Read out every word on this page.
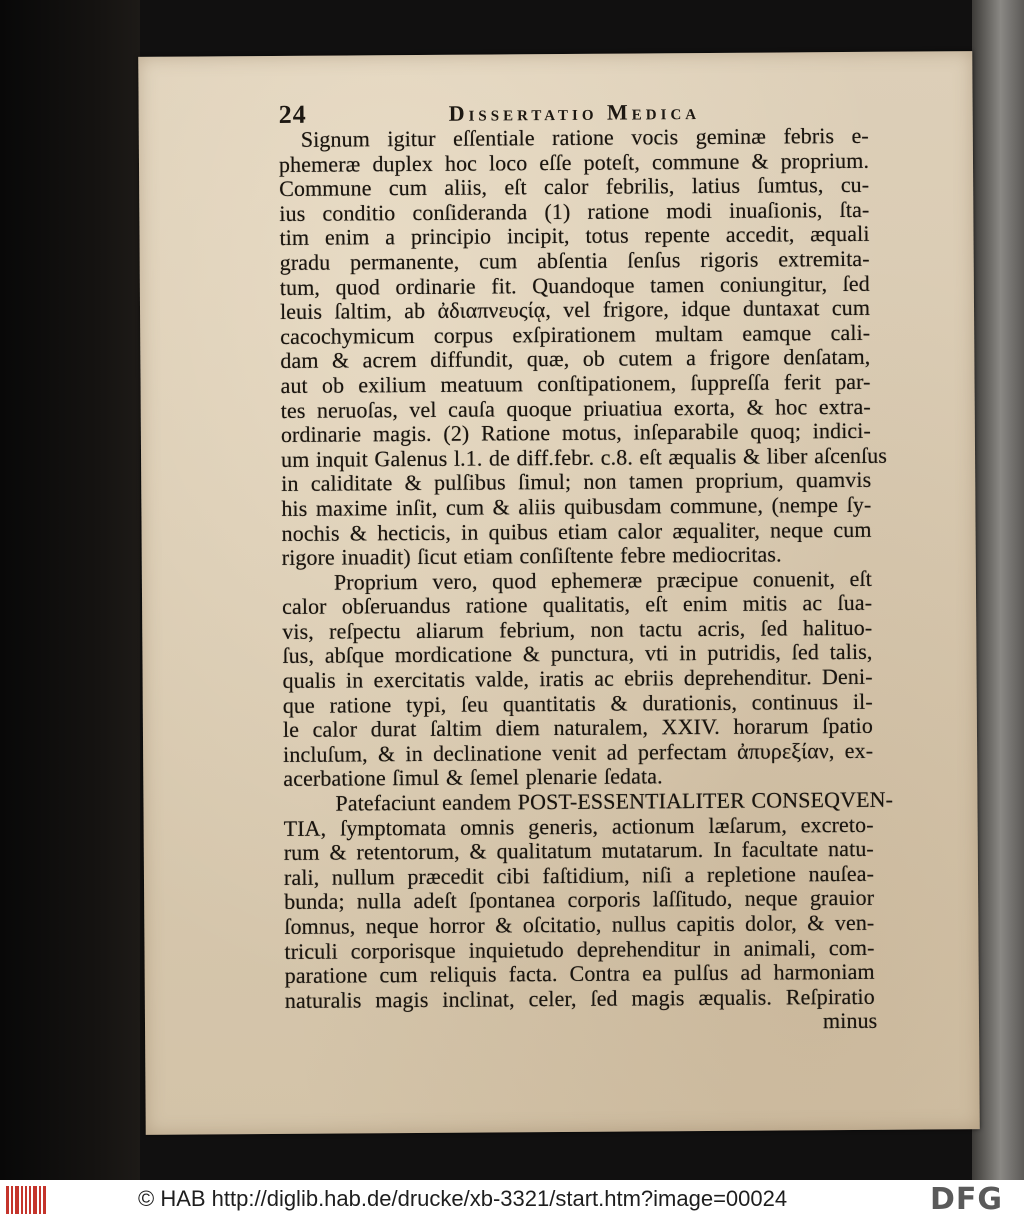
24	Dissertatio Medica
Signum igitur eſſentiale ratione vocis geminæ febris e-
phemeræ duplex hoc loco eſſe poteſt, commune & proprium.
Commune cum aliis, eſt calor febrilis, latius ſumtus, cu-
ius conditio conſideranda (1) ratione modi inuaſionis, ſta-
tim enim a principio incipit, totus repente accedit, æquali
gradu permanente, cum abſentia ſenſus rigoris extremita-
tum, quod ordinarie fit. Quandoque tamen coniungitur, ſed
leuis ſaltim, ab ἀδιαπνευςίᾳ, vel frigore, idque duntaxat cum
cacochymicum corpus exſpirationem multam eamque cali-
dam & acrem diffundit, quæ, ob cutem a frigore denſatam,
aut ob exilium meatuum conſtipationem, ſuppreſſa ferit par-
tes neruoſas, vel cauſa quoque priuatiua exorta, & hoc extra-
ordinarie magis. (2) Ratione motus, inſeparabile quoq; indici-
um inquit Galenus l.1. de diff.febr. c.8. eſt æqualis & liber aſcenſus
in caliditate & pulſibus ſimul; non tamen proprium, quamvis
his maxime inſit, cum & aliis quibusdam commune, (nempe ſy-
nochis & hecticis, in quibus etiam calor æqualiter, neque cum
rigore inuadit) ſicut etiam conſiſtente febre mediocritas.
Proprium vero, quod ephemeræ præcipue conuenit, eſt
calor obſeruandus ratione qualitatis, eſt enim mitis ac ſua-
vis, reſpectu aliarum febrium, non tactu acris, ſed halituo-
ſus, abſque mordicatione & punctura, vti in putridis, ſed talis,
qualis in exercitatis valde, iratis ac ebriis deprehenditur. Deni-
que ratione typi, ſeu quantitatis & durationis, continuus il-
le calor durat ſaltim diem naturalem, XXIV. horarum ſpatio
incluſum, & in declinatione venit ad perfectam ἀπυρεξίαν, ex-
acerbatione ſimul & ſemel plenarie ſedata.
Patefaciunt eandem POST-ESSENTIALITER CONSEQVEN-
TIA, ſymptomata omnis generis, actionum læſarum, excreto-
rum & retentorum, & qualitatum mutatarum. In facultate natu-
rali, nullum præcedit cibi faſtidium, niſi a repletione nauſea-
bunda; nulla adeſt ſpontanea corporis laſſitudo, neque grauior
ſomnus, neque horror & oſcitatio, nullus capitis dolor, & ven-
triculi corporisque inquietudo deprehenditur in animali, com-
paratione cum reliquis facta. Contra ea pulſus ad harmoniam
naturalis magis inclinat, celer, ſed magis æqualis. Reſpiratio
minus
© HAB http://diglib.hab.de/drucke/xb-3321/start.htm?image=00024	DFG
